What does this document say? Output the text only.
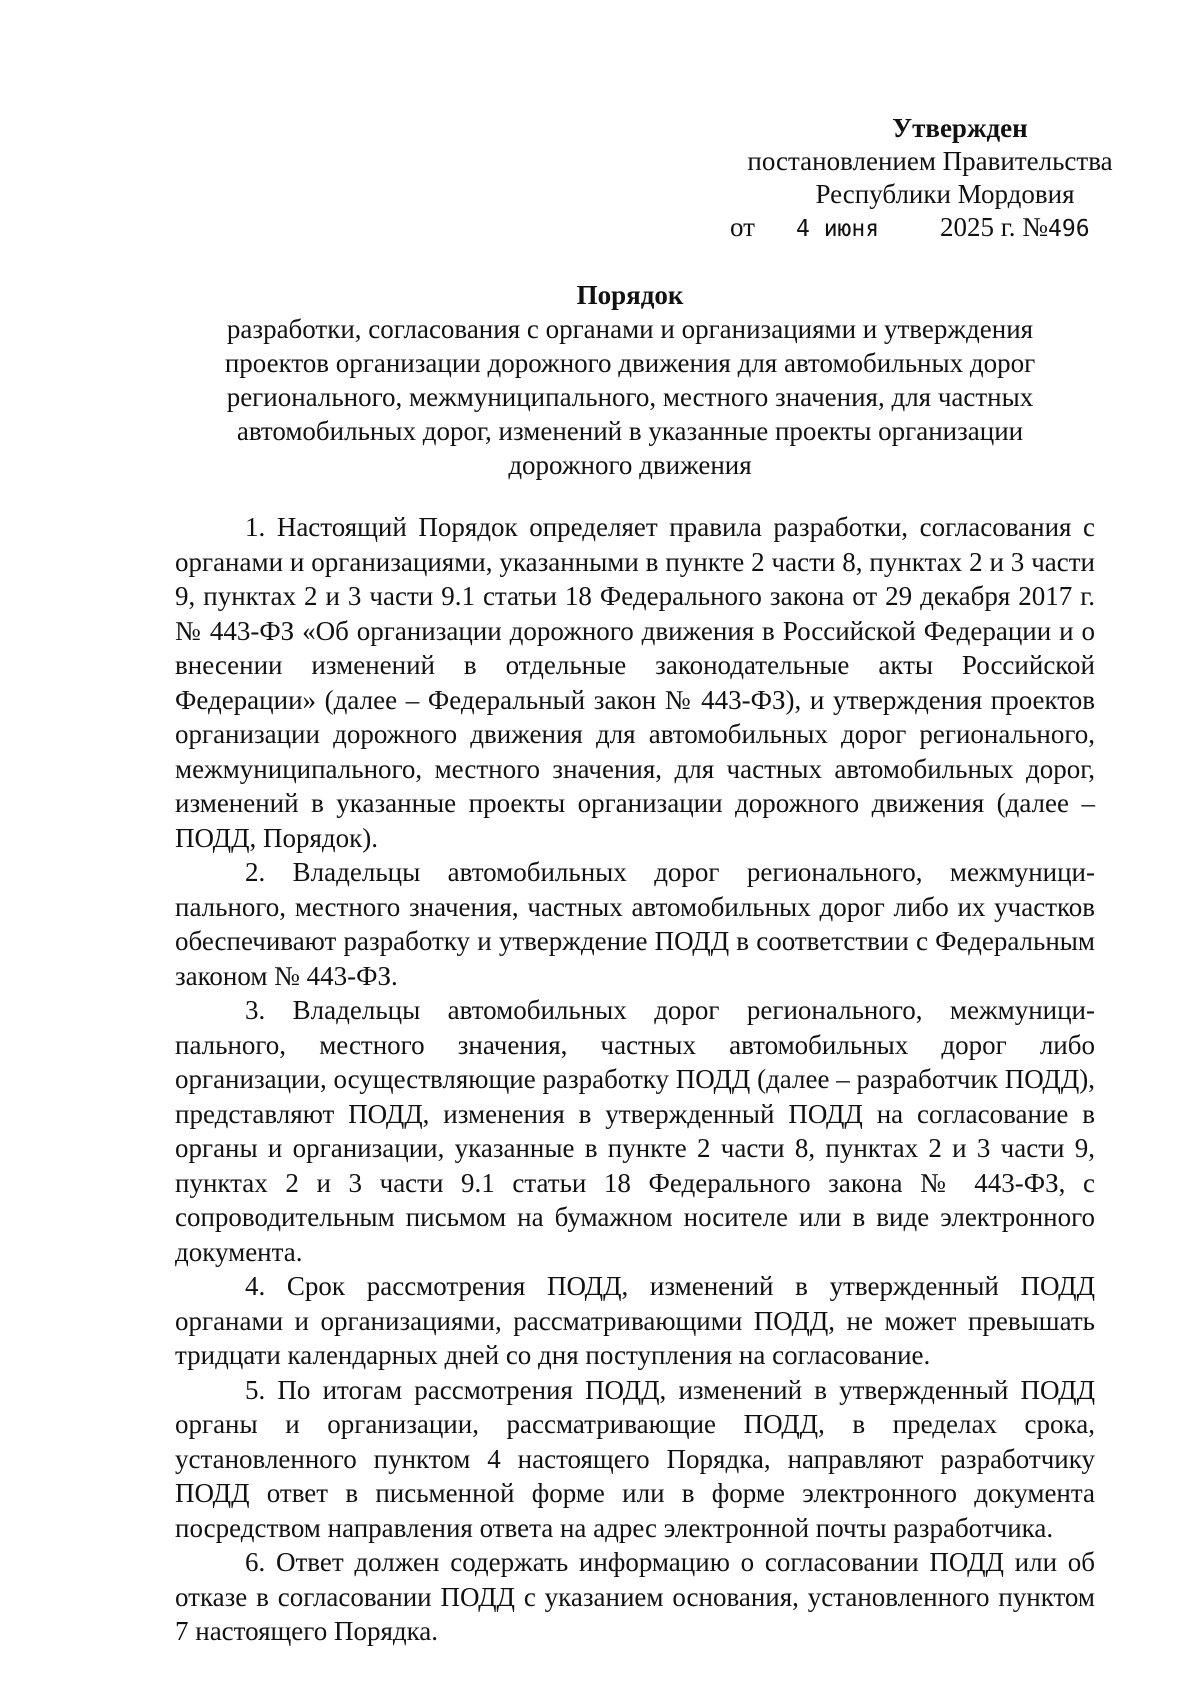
Утвержден
постановлением Правительства
Республики Мордовия
от 4 июня 2025 г. №496
Порядок
разработки, согласования с органами и организациями и утверждения
проектов организации дорожного движения для автомобильных дорог
регионального, межмуниципального, местного значения, для частных
автомобильных дорог, изменений в указанные проекты организации
дорожного движения

1. Настоящий Порядок определяет правила разработки, согласования с органами и организациями, указанными в пункте 2 части 8, пунктах 2 и 3 части 9, пунктах 2 и 3 части 9.1 статьи 18 Федерального закона от 29 декабря 2017 г. № 443-ФЗ «Об организации дорожного движения в Российской Федерации и о внесении изменений в отдельные законодательные акты Российской Федерации» (далее – Федеральный закон № 443-ФЗ), и утверждения проектов организации дорожного движения для автомобильных дорог регионального, межмуниципального, местного значения, для частных автомобильных дорог, изменений в указанные проекты организации дорожного движения (далее – ПОДД, Порядок).

2. Владельцы автомобильных дорог регионального, межмуници-пального, местного значения, частных автомобильных дорог либо их участков обеспечивают разработку и утверждение ПОДД в соответствии с Федеральным законом № 443-ФЗ.

3. Владельцы автомобильных дорог регионального, межмуници-пального, местного значения, частных автомобильных дорог либо организации, осуществляющие разработку ПОДД (далее – разработчик ПОДД), представляют ПОДД, изменения в утвержденный ПОДД на согласование в органы и организации, указанные в пункте 2 части 8, пунктах 2 и 3 части 9, пунктах 2 и 3 части 9.1 статьи 18 Федерального закона № 443-ФЗ, с сопроводительным письмом на бумажном носителе или в виде электронного документа.

4. Срок рассмотрения ПОДД, изменений в утвержденный ПОДД органами и организациями, рассматривающими ПОДД, не может превышать тридцати календарных дней со дня поступления на согласование.

5. По итогам рассмотрения ПОДД, изменений в утвержденный ПОДД органы и организации, рассматривающие ПОДД, в пределах срока, установленного пунктом 4 настоящего Порядка, направляют разработчику ПОДД ответ в письменной форме или в форме электронного документа посредством направления ответа на адрес электронной почты разработчика.

6. Ответ должен содержать информацию о согласовании ПОДД или об отказе в согласовании ПОДД с указанием основания, установленного пунктом 7 настоящего Порядка.
